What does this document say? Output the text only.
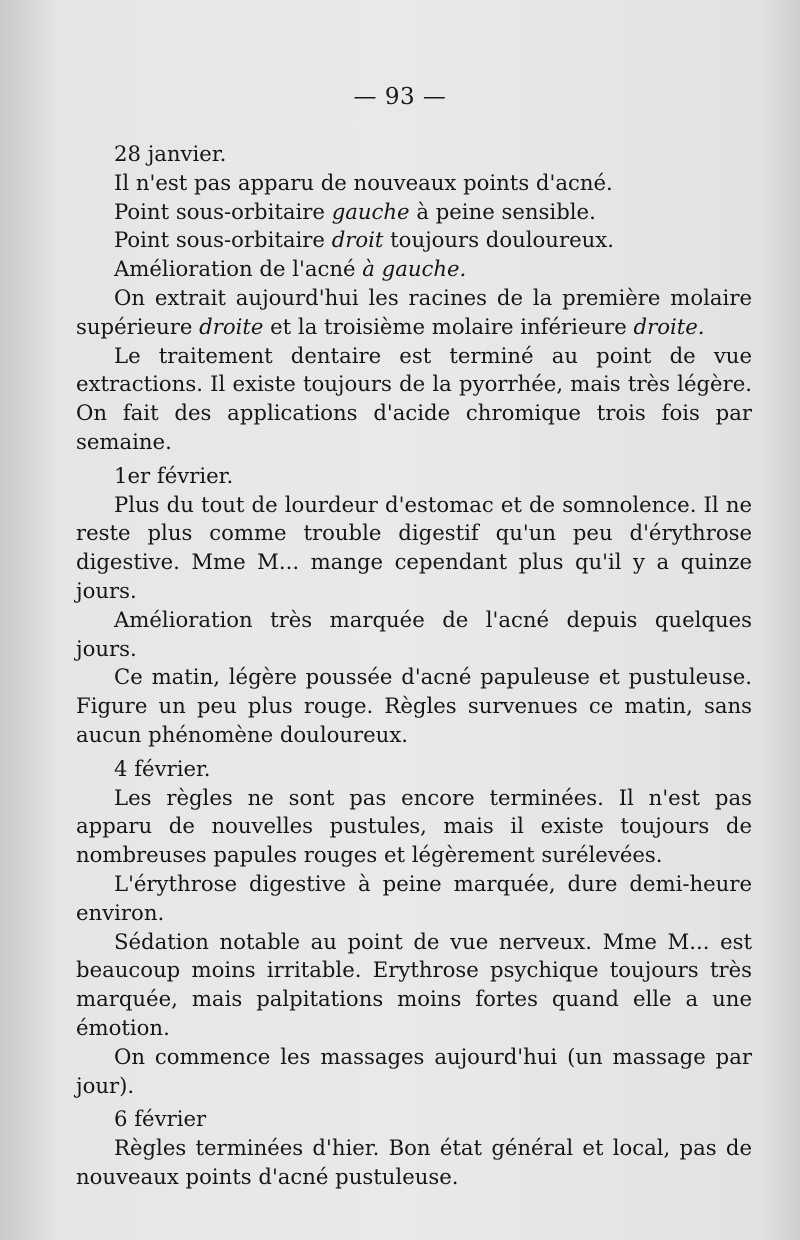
— 93 —

28 janvier.

Il n'est pas apparu de nouveaux points d'acné.

Point sous-orbitaire gauche à peine sensible.

Point sous-orbitaire droit toujours douloureux.

Amélioration de l'acné à gauche.

On extrait aujourd'hui les racines de la première molaire supérieure droite et la troisième molaire inférieure droite.

Le traitement dentaire est terminé au point de vue extractions. Il existe toujours de la pyorrhée, mais très légère. On fait des applications d'acide chromique trois fois par semaine.

1er février.

Plus du tout de lourdeur d'estomac et de somnolence. Il ne reste plus comme trouble digestif qu'un peu d'érythrose digestive. Mme M... mange cependant plus qu'il y a quinze jours.

Amélioration très marquée de l'acné depuis quelques jours.

Ce matin, légère poussée d'acné papuleuse et pustuleuse. Figure un peu plus rouge. Règles survenues ce matin, sans aucun phénomène douloureux.

4 février.

Les règles ne sont pas encore terminées. Il n'est pas apparu de nouvelles pustules, mais il existe toujours de nombreuses papules rouges et légèrement surélevées.

L'érythrose digestive à peine marquée, dure demi-heure environ.

Sédation notable au point de vue nerveux. Mme M... est beaucoup moins irritable. Erythrose psychique toujours très marquée, mais palpitations moins fortes quand elle a une émotion.

On commence les massages aujourd'hui (un massage par jour).

6 février

Règles terminées d'hier. Bon état général et local, pas de nouveaux points d'acné pustuleuse.
